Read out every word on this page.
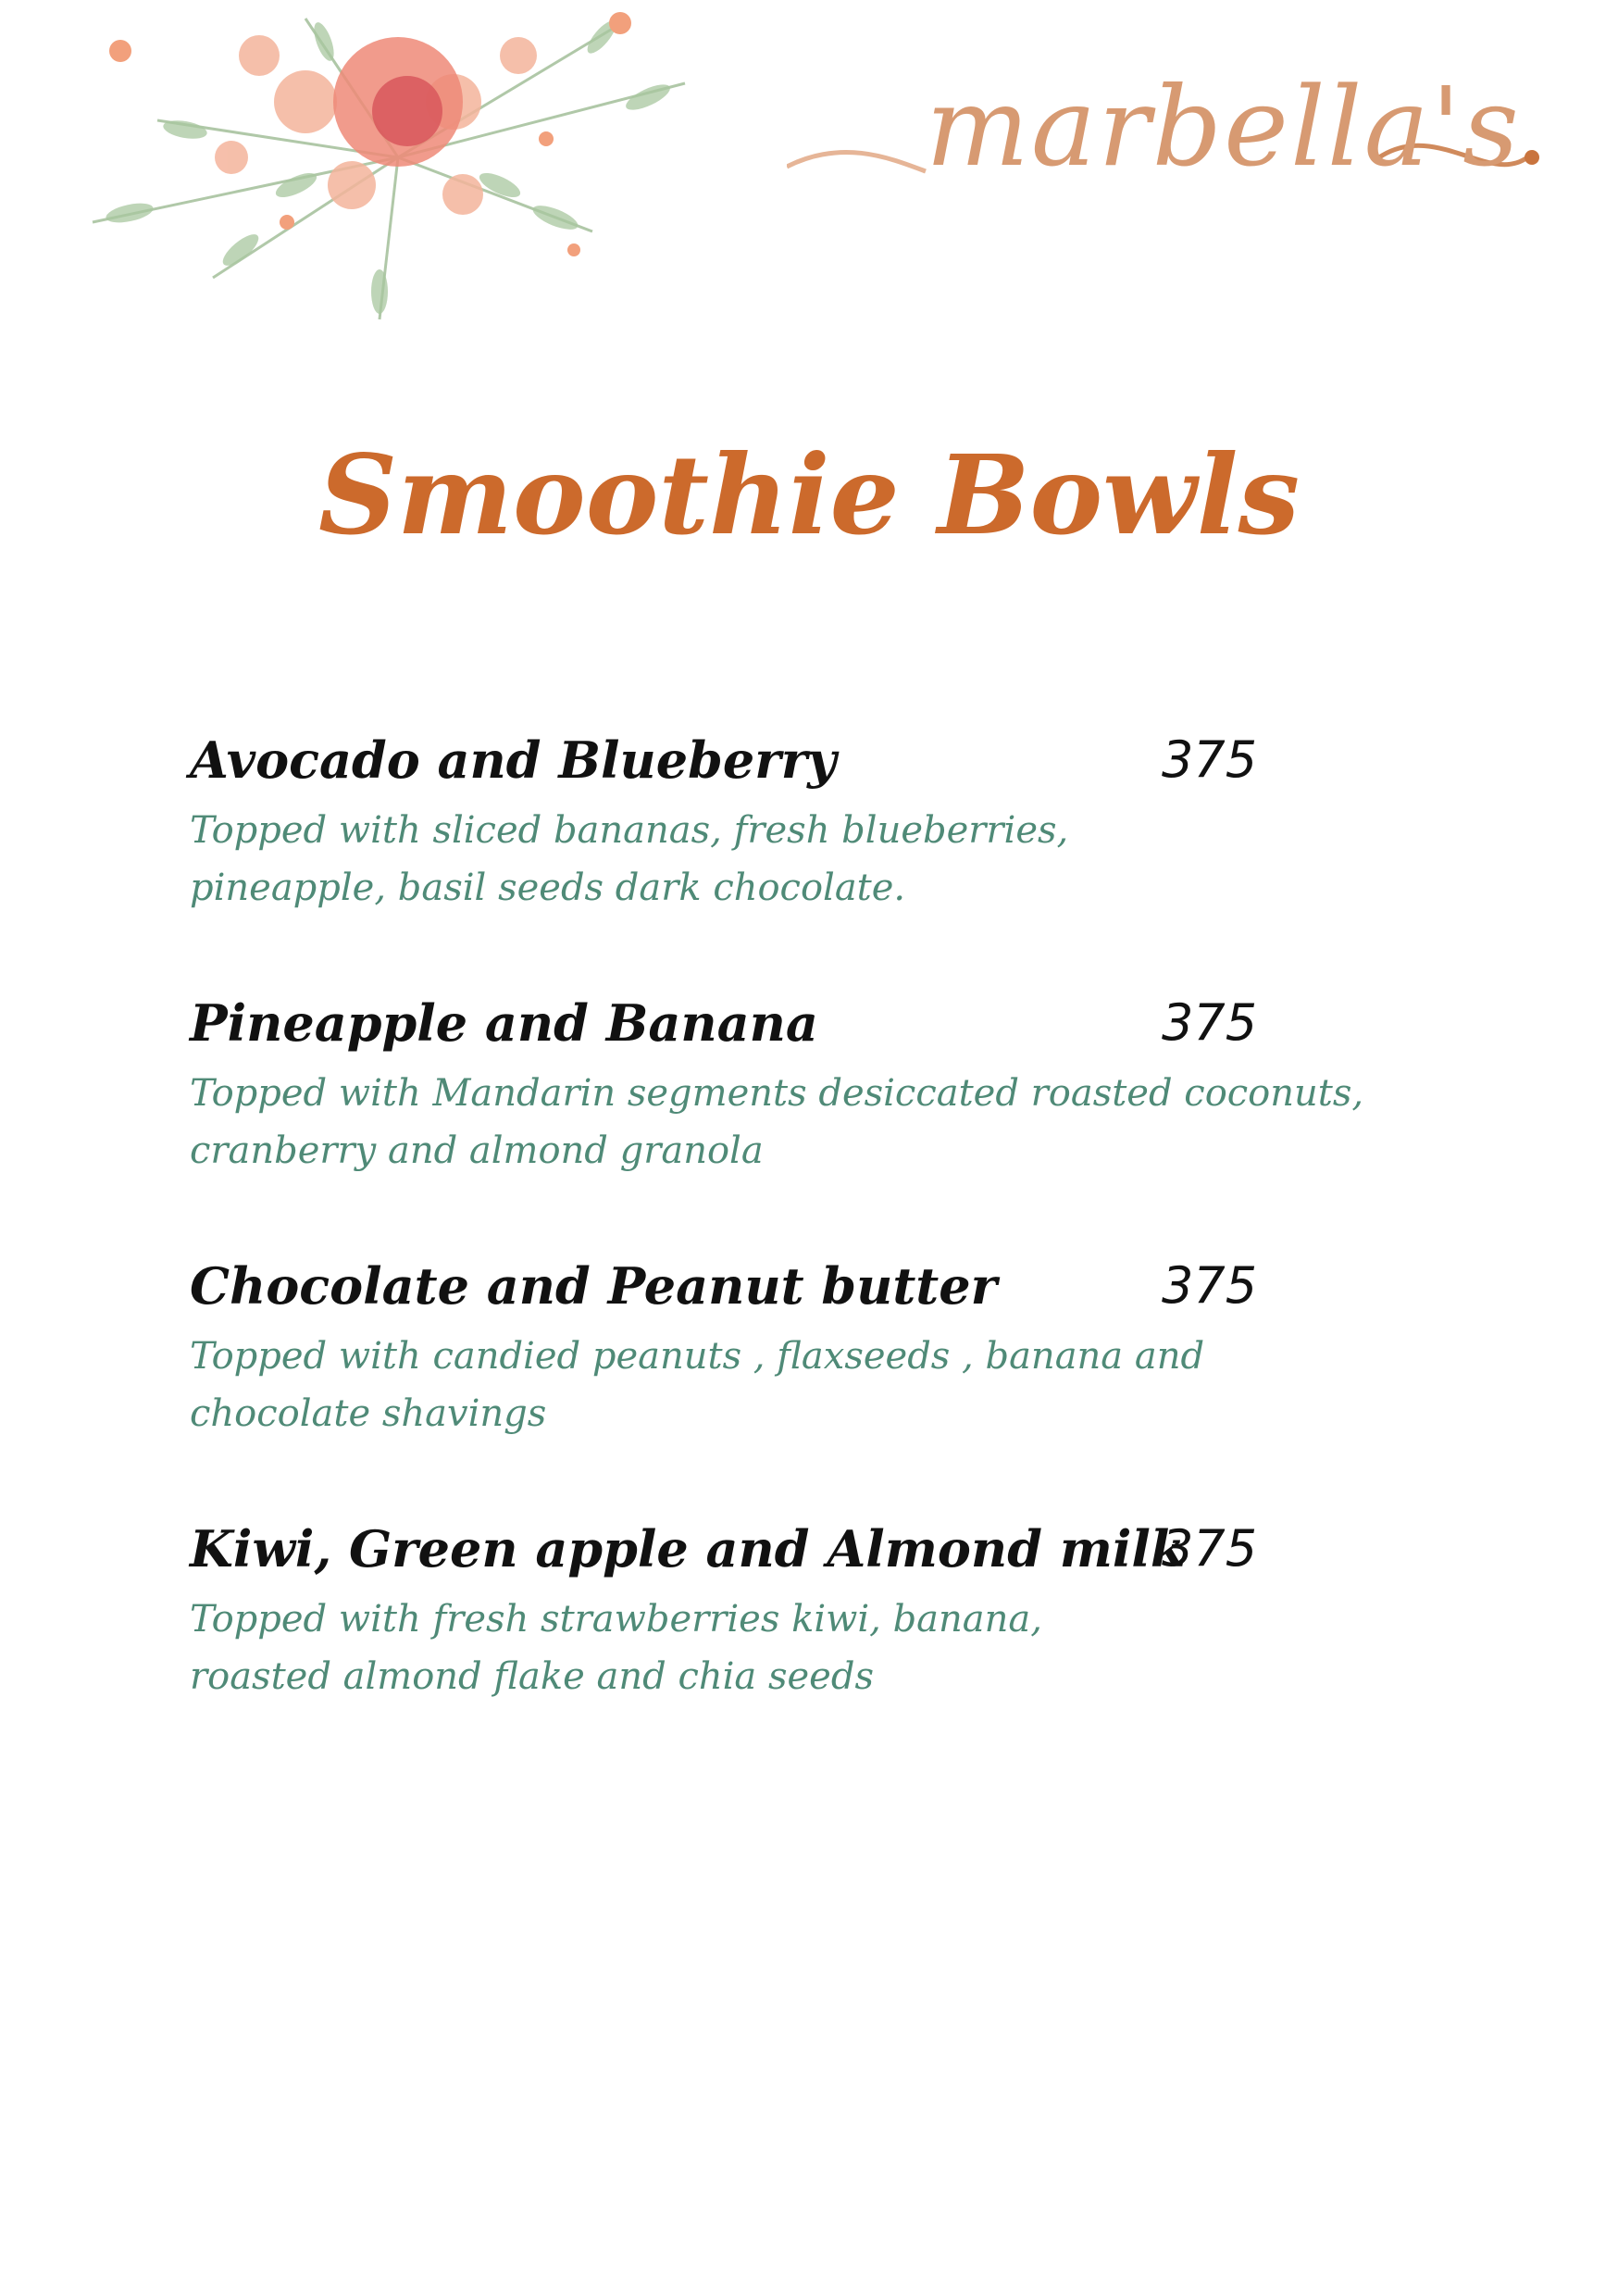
marbella's
Smoothie Bowls
Avocado and Blueberry	375
Topped with sliced bananas, fresh blueberries,
pineapple, basil seeds dark chocolate.
Pineapple and Banana	375
Topped with Mandarin segments desiccated roasted coconuts,
cranberry and almond granola
Chocolate and Peanut butter	375
Topped with candied peanuts , flaxseeds , banana and
chocolate shavings
Kiwi, Green apple and Almond milk
375
Topped with fresh strawberries kiwi, banana,
roasted almond flake and chia seeds
